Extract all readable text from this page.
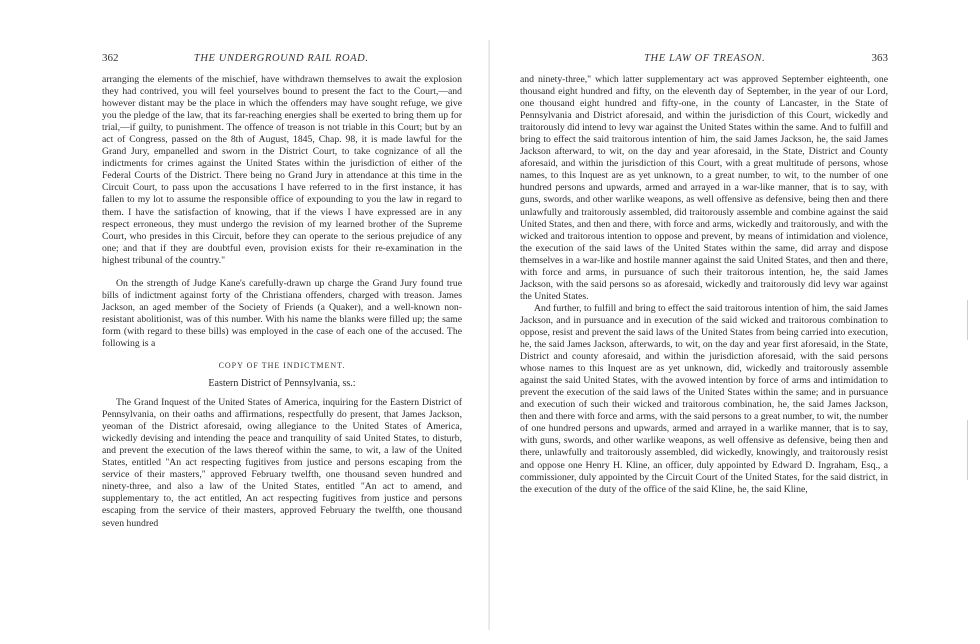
362	THE UNDERGROUND RAIL ROAD.

arranging the elements of the mischief, have withdrawn themselves to await the explosion they had contrived, you will feel yourselves bound to present the fact to the Court,—and however distant may be the place in which the offenders may have sought refuge, we give you the pledge of the law, that its far-reaching energies shall be exerted to bring them up for trial,—if guilty, to punishment. The offence of treason is not triable in this Court; but by an act of Congress, passed on the 8th of August, 1845, Chap. 98, it is made lawful for the Grand Jury, empanelled and sworn in the District Court, to take cognizance of all the indictments for crimes against the United States within the jurisdiction of either of the Federal Courts of the District. There being no Grand Jury in attendance at this time in the Circuit Court, to pass upon the accusations I have referred to in the first instance, it has fallen to my lot to assume the responsible office of expounding to you the law in regard to them. I have the satisfaction of knowing, that if the views I have expressed are in any respect erroneous, they must undergo the revision of my learned brother of the Supreme Court, who presides in this Circuit, before they can operate to the serious prejudice of any one; and that if they are doubtful even, provision exists for their re-examination in the highest tribunal of the country."

On the strength of Judge Kane's carefully-drawn up charge the Grand Jury found true bills of indictment against forty of the Christiana offenders, charged with treason. James Jackson, an aged member of the Society of Friends (a Quaker), and a well-known non-resistant abolitionist, was of this number. With his name the blanks were filled up; the same form (with regard to these bills) was employed in the case of each one of the accused. The following is a

COPY OF THE INDICTMENT.
Eastern District of Pennsylvania, ss.:

The Grand Inquest of the United States of America, inquiring for the Eastern District of Pennsylvania, on their oaths and affirmations, respectfully do present, that James Jackson, yeoman of the District aforesaid, owing allegiance to the United States of America, wickedly devising and intending the peace and tranquility of said United States, to disturb, and prevent the execution of the laws thereof within the same, to wit, a law of the United States, entitled "An act respecting fugitives from justice and persons escaping from the service of their masters," approved February twelfth, one thousand seven hundred and ninety-three, and also a law of the United States, entitled "An act to amend, and supplementary to, the act entitled, An act respecting fugitives from justice and persons escaping from the service of their masters, approved February the twelfth, one thousand seven hundred

THE LAW OF TREASON.	363

and ninety-three," which latter supplementary act was approved September eighteenth, one thousand eight hundred and fifty, on the eleventh day of September, in the year of our Lord, one thousand eight hundred and fifty-one, in the county of Lancaster, in the State of Pennsylvania and District aforesaid, and within the jurisdiction of this Court, wickedly and traitorously did intend to levy war against the United States within the same. And to fulfill and bring to effect the said traitorous intention of him, the said James Jackson, he, the said James Jackson afterward, to wit, on the day and year aforesaid, in the State, District and County aforesaid, and within the jurisdiction of this Court, with a great multitude of persons, whose names, to this Inquest are as yet unknown, to a great number, to wit, to the number of one hundred persons and upwards, armed and arrayed in a war-like manner, that is to say, with guns, swords, and other warlike weapons, as well offensive as defensive, being then and there unlawfully and traitorously assembled, did traitorously assemble and combine against the said United States, and then and there, with force and arms, wickedly and traitorously, and with the wicked and traitorous intention to oppose and prevent, by means of intimidation and violence, the execution of the said laws of the United States within the same, did array and dispose themselves in a war-like and hostile manner against the said United States, and then and there, with force and arms, in pursuance of such their traitorous intention, he, the said James Jackson, with the said persons so as aforesaid, wickedly and traitorously did levy war against the United States.

And further, to fulfill and bring to effect the said traitorous intention of him, the said James Jackson, and in pursuance and in execution of the said wicked and traitorous combination to oppose, resist and prevent the said laws of the United States from being carried into execution, he, the said James Jackson, afterwards, to wit, on the day and year first aforesaid, in the State, District and county aforesaid, and within the jurisdiction aforesaid, with the said persons whose names to this Inquest are as yet unknown, did, wickedly and traitorously assemble against the said United States, with the avowed intention by force of arms and intimidation to prevent the execution of the said laws of the United States within the same; and in pursuance and execution of such their wicked and traitorous combination, he, the said James Jackson, then and there with force and arms, with the said persons to a great number, to wit, the number of one hundred persons and upwards, armed and arrayed in a warlike manner, that is to say, with guns, swords, and other warlike weapons, as well offensive as defensive, being then and there, unlawfully and traitorously assembled, did wickedly, knowingly, and traitorously resist and oppose one Henry H. Kline, an officer, duly appointed by Edward D. Ingraham, Esq., a commissioner, duly appointed by the Circuit Court of the United States, for the said district, in the execution of the duty of the office of the said Kline, he, the said Kline,
